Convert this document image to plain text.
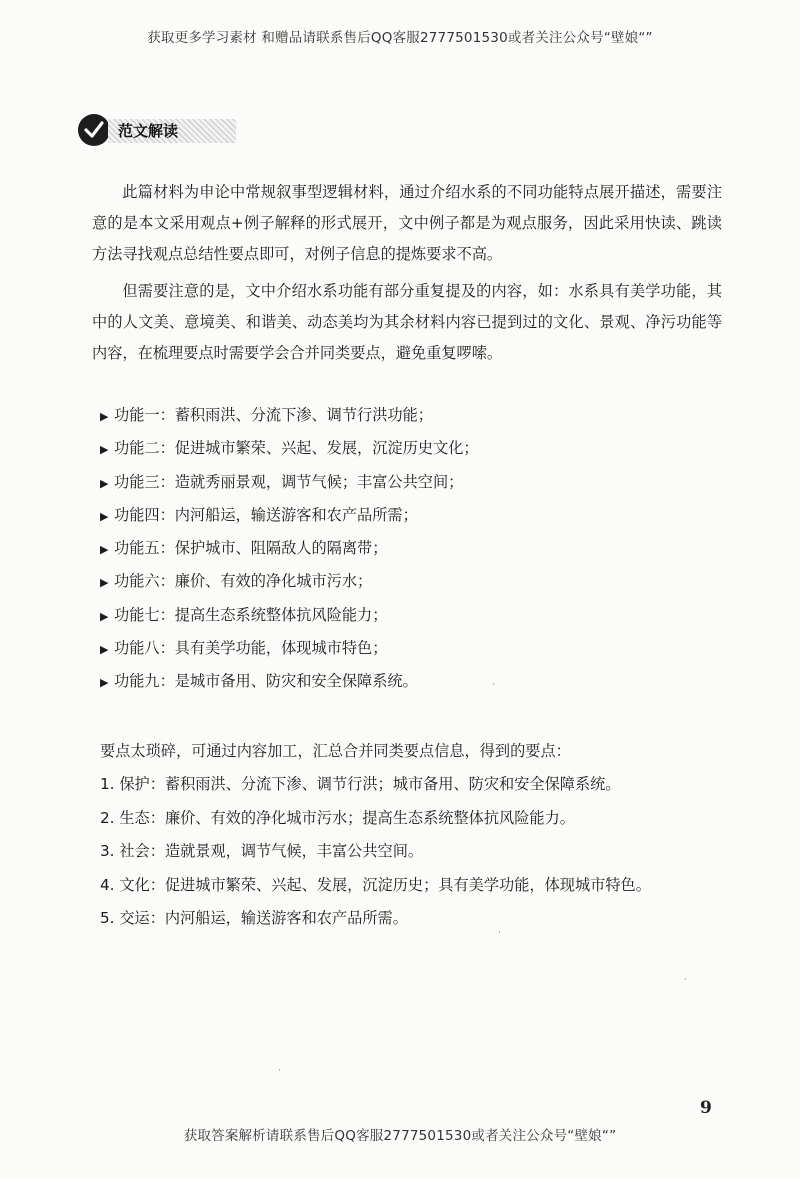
获取更多学习素材 和赠品请联系售后QQ客服2777501530或者关注公众号“壁娘“”
范文解读
此篇材料为申论中常规叙事型逻辑材料，通过介绍水系的不同功能特点展开描述，需要注意的是本文采用观点+例子解释的形式展开，文中例子都是为观点服务，因此采用快读、跳读方法寻找观点总结性要点即可，对例子信息的提炼要求不高。
但需要注意的是，文中介绍水系功能有部分重复提及的内容，如：水系具有美学功能，其中的人文美、意境美、和谐美、动态美均为其余材料内容已提到过的文化、景观、净污功能等内容，在梳理要点时需要学会合并同类要点，避免重复啰嗦。
▶ 功能一：蓄积雨洪、分流下渗、调节行洪功能；
▶ 功能二：促进城市繁荣、兴起、发展，沉淀历史文化；
▶ 功能三：造就秀丽景观，调节气候；丰富公共空间；
▶ 功能四：内河船运，输送游客和农产品所需；
▶ 功能五：保护城市、阻隔敌人的隔离带；
▶ 功能六：廉价、有效的净化城市污水；
▶ 功能七：提高生态系统整体抗风险能力；
▶ 功能八：具有美学功能，体现城市特色；
▶ 功能九：是城市备用、防灾和安全保障系统。
要点太琐碎，可通过内容加工，汇总合并同类要点信息，得到的要点：
1. 保护：蓄积雨洪、分流下渗、调节行洪；城市备用、防灾和安全保障系统。
2. 生态：廉价、有效的净化城市污水；提高生态系统整体抗风险能力。
3. 社会：造就景观，调节气候，丰富公共空间。
4. 文化：促进城市繁荣、兴起、发展，沉淀历史；具有美学功能，体现城市特色。
5. 交运：内河船运，输送游客和农产品所需。
·
·
·
·
9
获取答案解析请联系售后QQ客服2777501530或者关注公众号“壁娘“”
